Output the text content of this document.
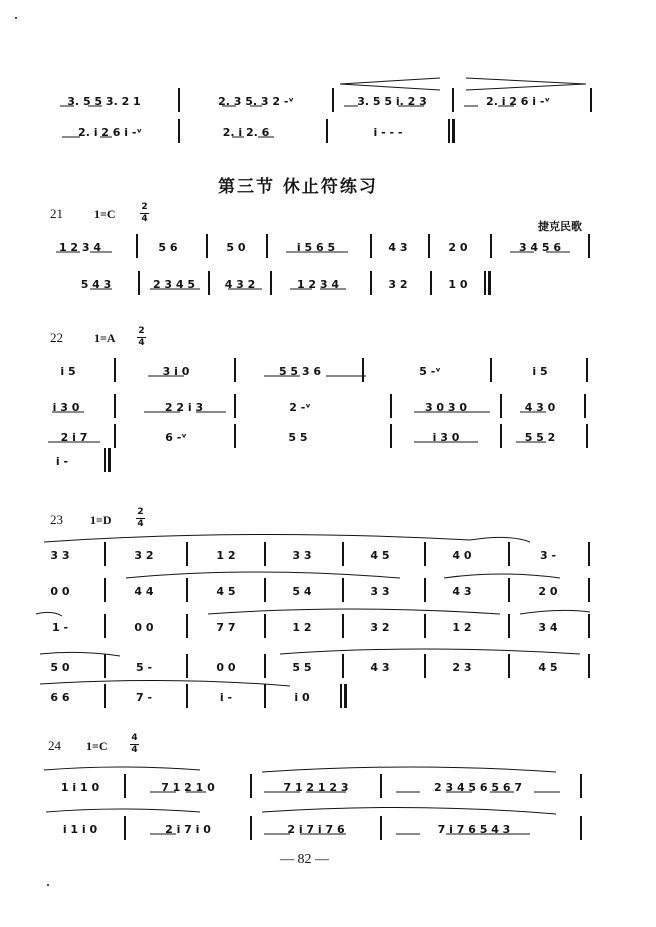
3. 5 5 3. 2 1	2. 3 5. 3 2 -ᵛ	3. 5 5 i. 2 3	2. i 2 6 i -ᵛ
2. i 2 6 i -ᵛ	2. i 2. 6	i - - -
第三节 休止符练习
21	1=C	2
4
捷克民歌
1 2 3 4	5 6	5 0	i 5 6 5	4 3	2 0	3 4 5 6
5 4 3	2 3 4 5	4 3 2	1 2 3 4	3 2	1 0
22	1=A	2
4
i 5	3 i 0	5 5 3 6	5 -ᵛ	i 5
i 3 0	2 2 i 3	2 -ᵛ	3 0 3 0	4 3 0
2 i 7	6 -ᵛ	5 5	i 3 0	5 5 2
i -
23 1=D
2
4
3 3	3 2	1 2	3 3	4 5	4 0	3 -
0 0	4 4	4 5	5 4	3 3	4 3	2 0
1 -	0 0	7 7	1 2	3 2	1 2	3 4
5 0	5 -	0 0	5 5	4 3	2 3	4 5
6 6	7 -	i -	i 0
24 1=C
4
4
1 i 1 0	7 1 2 1 0	7 1 2 1 2 3	2 3 4 5 6 5 6 7
i 1 i 0	2 i 7 i 0	2 i 7 i 7 6	7 i 7 6 5 4 3
— 82 —
